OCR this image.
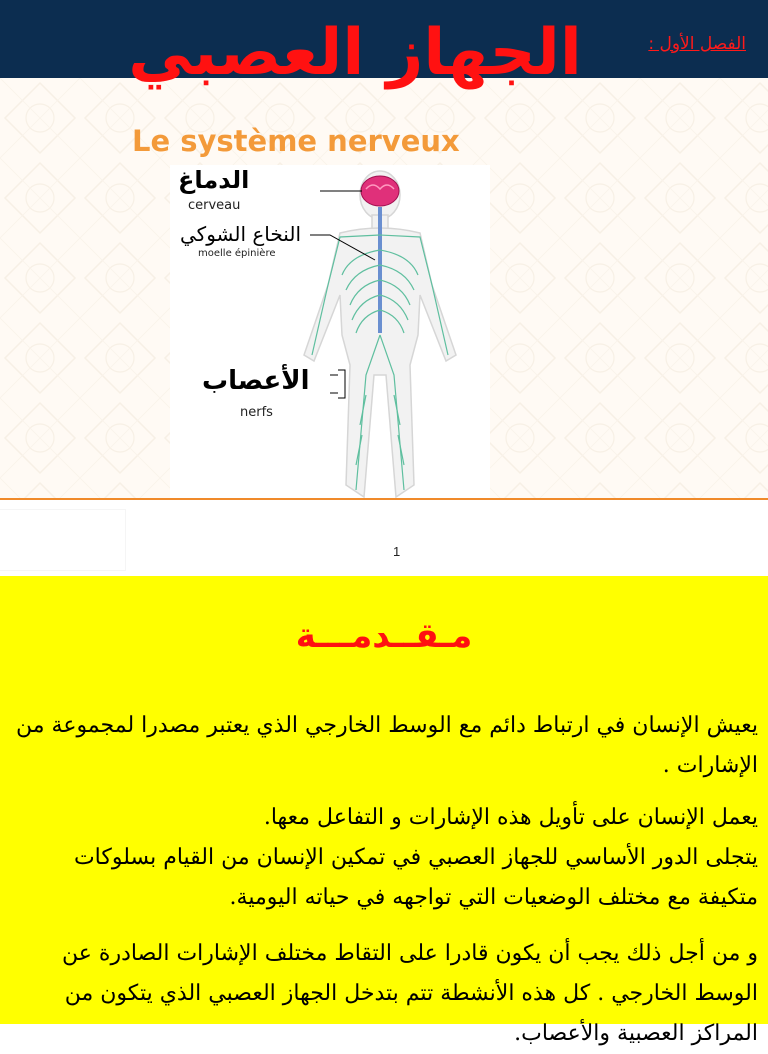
الفصل الأول :
الجهاز العصبي
Le système nerveux
الدماغ
cerveau
النخاع الشوكي
moelle épinière
الأعصاب
nerfs
1
مـقــدمـــة
يعيش الإنسان في ارتباط دائم مع الوسط الخارجي الذي يعتبر مصدرا لمجموعة من الإشارات .
يعمل الإنسان على تأويل هذه الإشارات و التفاعل معها.
يتجلى الدور الأساسي للجهاز العصبي في تمكين الإنسان من القيام بسلوكات متكيفة مع مختلف الوضعيات التي تواجهه في حياته اليومية.
و من أجل ذلك يجب أن يكون قادرا على التقاط مختلف الإشارات الصادرة عن الوسط الخارجي . كل هذه الأنشطة تتم بتدخل الجهاز العصبي الذي يتكون من المراكز العصبية والأعصاب.
